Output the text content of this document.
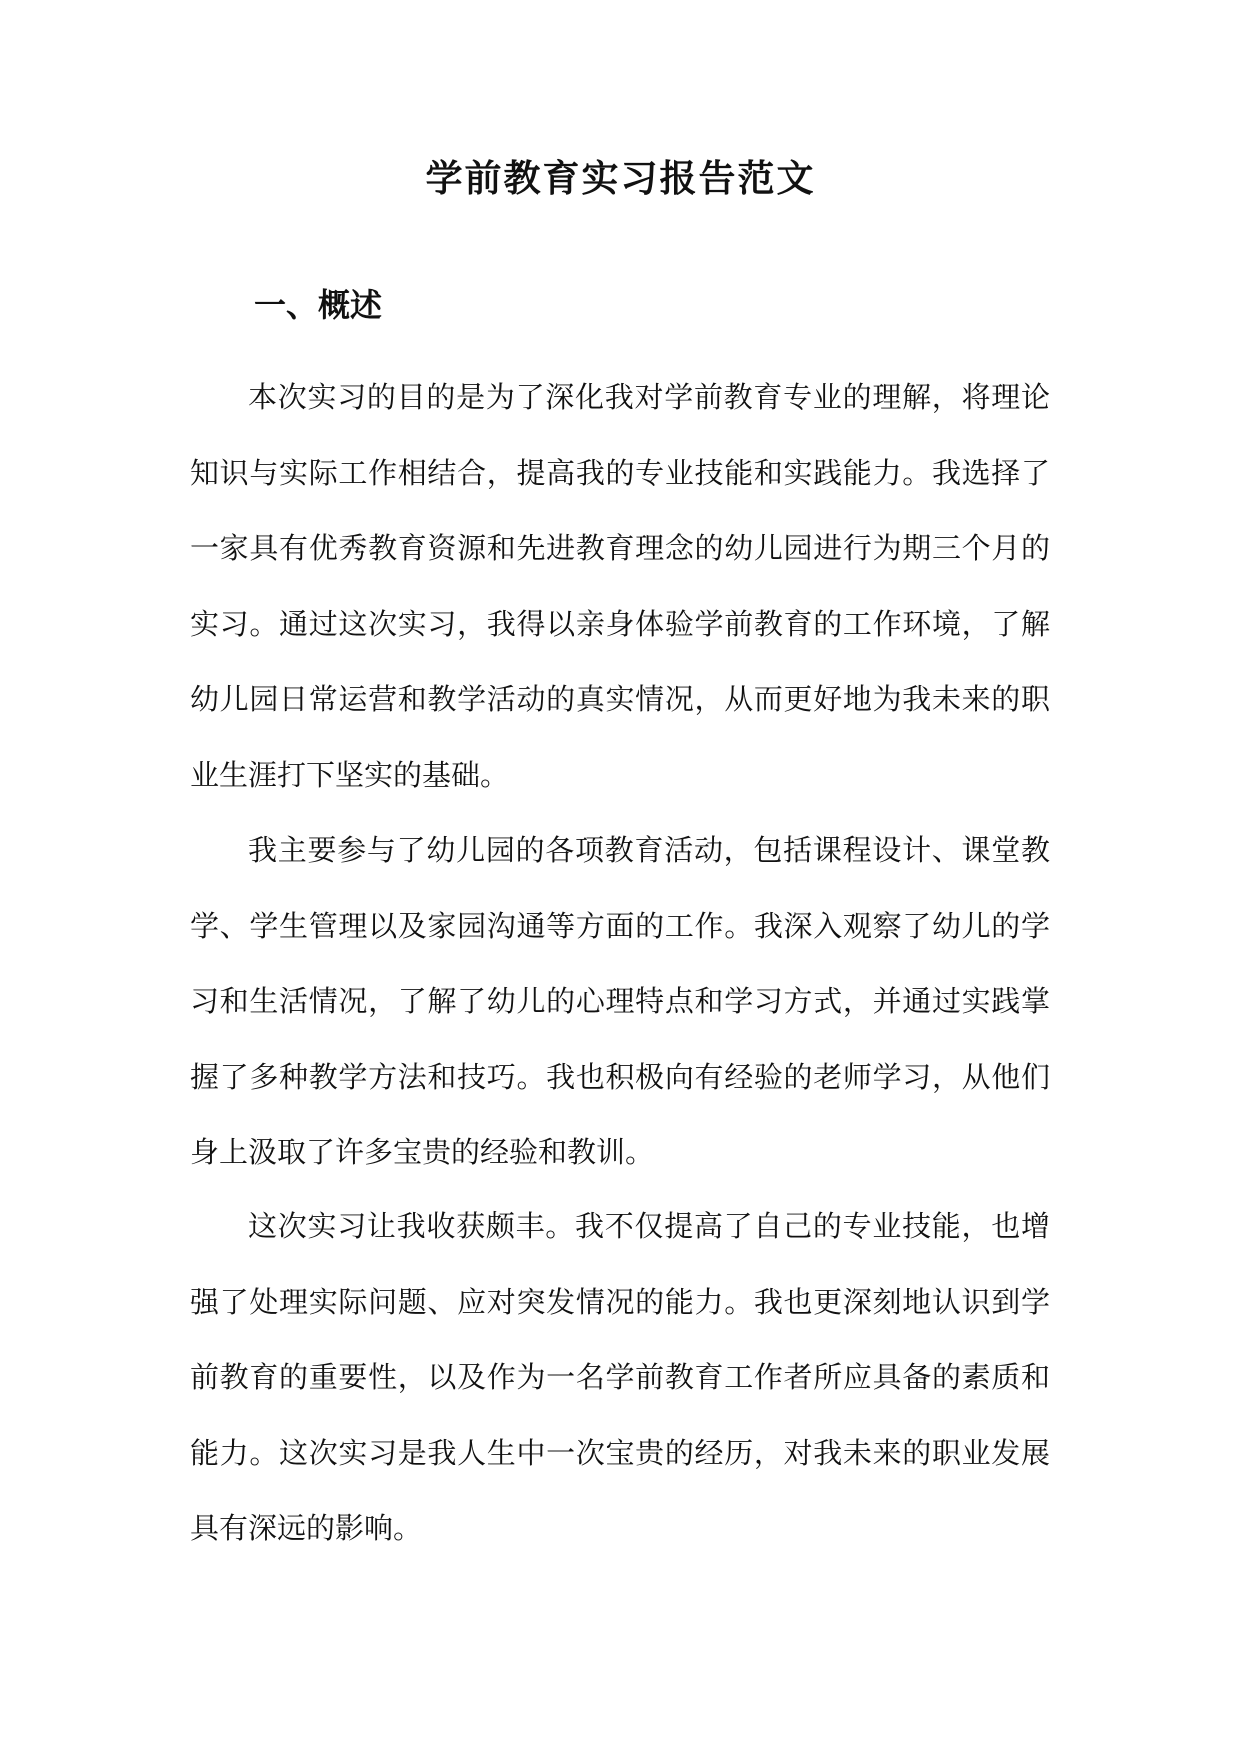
学前教育实习报告范文
一、概述

本次实习的目的是为了深化我对学前教育专业的理解，将理论知识与实际工作相结合，提高我的专业技能和实践能力。我选择了一家具有优秀教育资源和先进教育理念的幼儿园进行为期三个月的实习。通过这次实习，我得以亲身体验学前教育的工作环境，了解幼儿园日常运营和教学活动的真实情况，从而更好地为我未来的职业生涯打下坚实的基础。

我主要参与了幼儿园的各项教育活动，包括课程设计、课堂教学、学生管理以及家园沟通等方面的工作。我深入观察了幼儿的学习和生活情况，了解了幼儿的心理特点和学习方式，并通过实践掌握了多种教学方法和技巧。我也积极向有经验的老师学习，从他们身上汲取了许多宝贵的经验和教训。

这次实习让我收获颇丰。我不仅提高了自己的专业技能，也增强了处理实际问题、应对突发情况的能力。我也更深刻地认识到学前教育的重要性，以及作为一名学前教育工作者所应具备的素质和能力。这次实习是我人生中一次宝贵的经历，对我未来的职业发展具有深远的影响。
